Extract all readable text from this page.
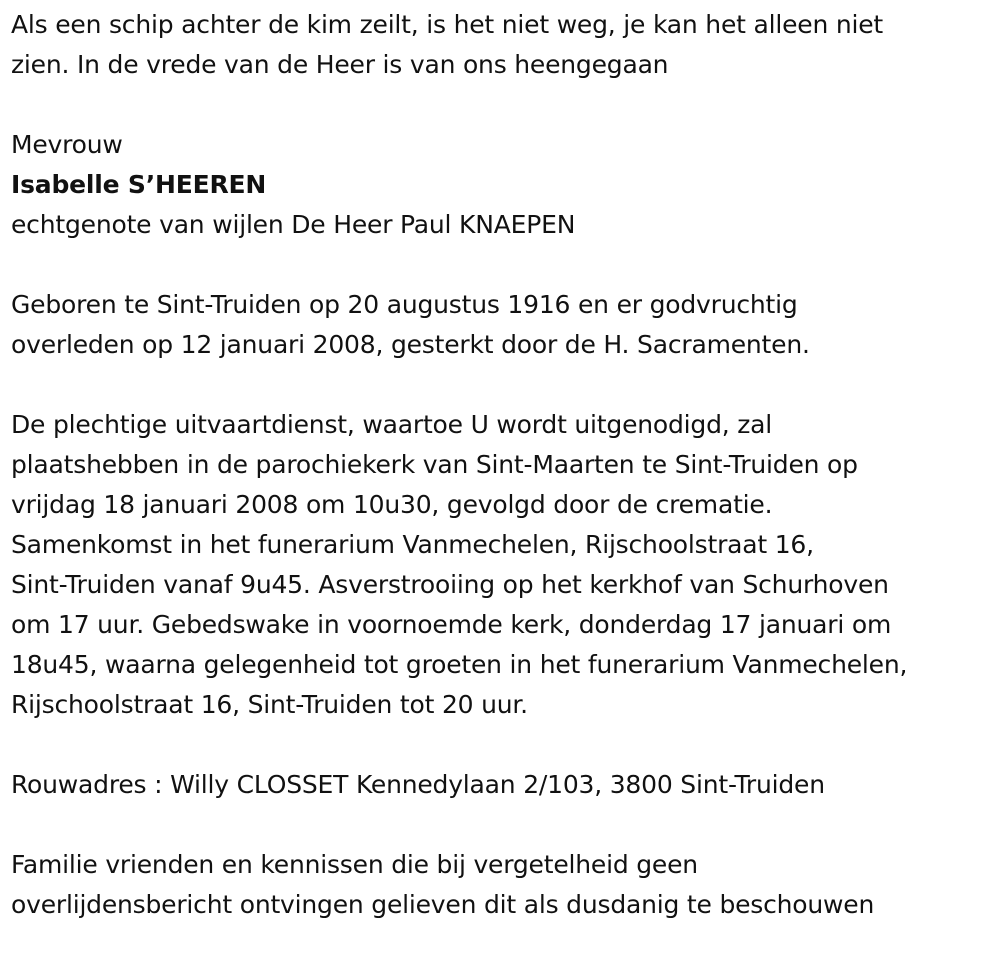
Als een schip achter de kim zeilt, is het niet weg, je kan het alleen niet
zien. In de vrede van de Heer is van ons heengegaan

Mevrouw
Isabelle S’HEEREN
echtgenote van wijlen De Heer Paul KNAEPEN

Geboren te Sint-Truiden op 20 augustus 1916 en er godvruchtig
overleden op 12 januari 2008, gesterkt door de H. Sacramenten.

De plechtige uitvaartdienst, waartoe U wordt uitgenodigd, zal
plaatshebben in de parochiekerk van Sint-Maarten te Sint-Truiden op
vrijdag 18 januari 2008 om 10u30, gevolgd door de crematie.
Samenkomst in het funerarium Vanmechelen, Rijschoolstraat 16,
Sint-Truiden vanaf 9u45. Asverstrooiing op het kerkhof van Schurhoven
om 17 uur. Gebedswake in voornoemde kerk, donderdag 17 januari om
18u45, waarna gelegenheid tot groeten in het funerarium Vanmechelen,
Rijschoolstraat 16, Sint-Truiden tot 20 uur.

Rouwadres : Willy CLOSSET Kennedylaan 2/103, 3800 Sint-Truiden

Familie vrienden en kennissen die bij vergetelheid geen
overlijdensbericht ontvingen gelieven dit als dusdanig te beschouwen
